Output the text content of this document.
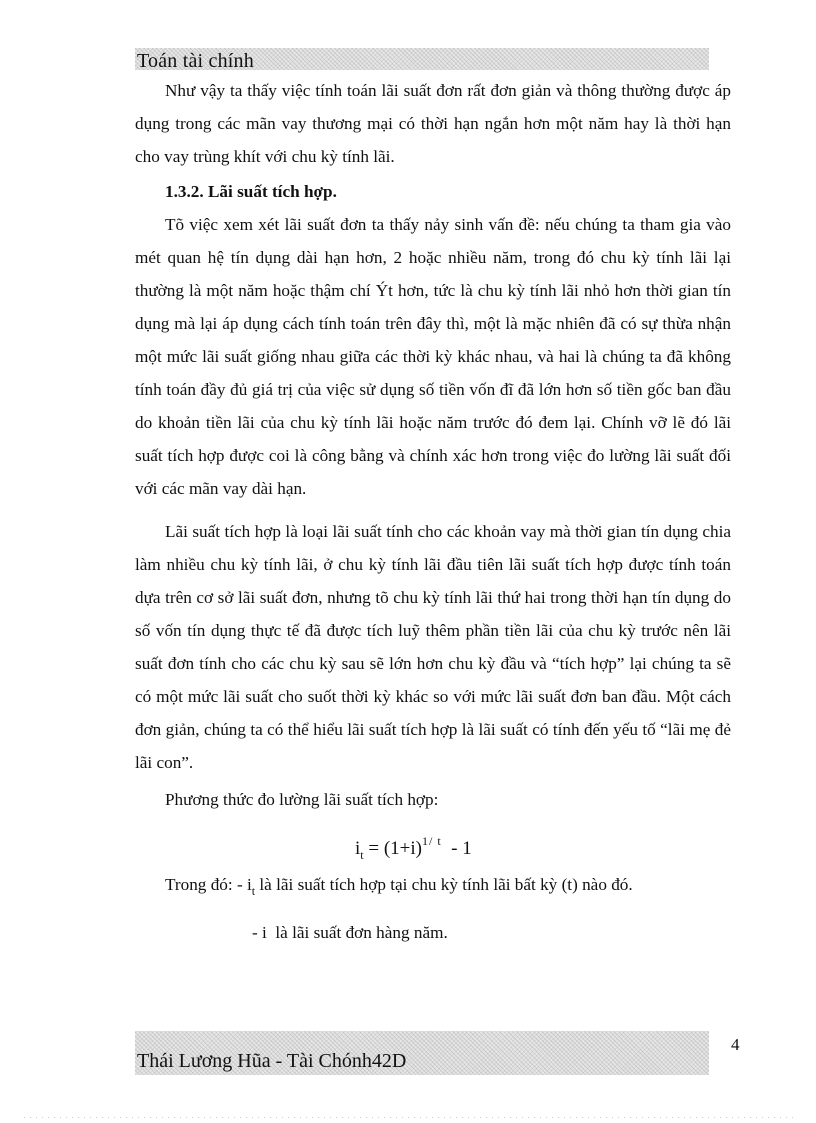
Toán tài chính

Như vậy ta thấy việc tính toán lãi suất đơn rất đơn giản và thông thường được áp dụng trong các mãn vay thương mại có thời hạn ngắn hơn một năm hay là thời hạn cho vay trùng khít với chu kỳ tính lãi.

1.3.2. Lãi suất tích hợp.

Tõ việc xem xét lãi suất đơn ta thấy nảy sinh vấn đề: nếu chúng ta tham gia vào mét quan hệ tín dụng dài hạn hơn, 2 hoặc nhiều năm, trong đó chu kỳ tính lãi lại thường là một năm hoặc thậm chí Ýt hơn, tức là chu kỳ tính lãi nhỏ hơn thời gian tín dụng mà lại áp dụng cách tính toán trên đây thì, một là mặc nhiên đã có sự thừa nhận một mức lãi suất giống nhau giữa các thời kỳ khác nhau, và hai là chúng ta đã không tính toán đầy đủ giá trị của việc sử dụng số tiền vốn đĩ đã lớn hơn số tiền gốc ban đầu do khoản tiền lãi của chu kỳ tính lãi hoặc năm trước đó đem lại. Chính vỡ lẽ đó lãi suất tích hợp được coi là công bằng và chính xác hơn trong việc đo lường lãi suất đối với các mãn vay dài hạn.

Lãi suất tích hợp là loại lãi suất tính cho các khoản vay mà thời gian tín dụng chia làm nhiều chu kỳ tính lãi, ở chu kỳ tính lãi đầu tiên lãi suất tích hợp được tính toán dựa trên cơ sở lãi suất đơn, nhưng tõ chu kỳ tính lãi thứ hai trong thời hạn tín dụng do số vốn tín dụng thực tế đã được tích luỹ thêm phần tiền lãi của chu kỳ trước nên lãi suất đơn tính cho các chu kỳ sau sẽ lớn hơn chu kỳ đầu và “tích hợp” lại chúng ta sẽ có một mức lãi suất cho suốt thời kỳ khác so với mức lãi suất đơn ban đầu. Một cách đơn giản, chúng ta có thể hiểu lãi suất tích hợp là lãi suất có tính đến yếu tố “lãi mẹ đẻ lãi con”.

Phương thức đo lường lãi suất tích hợp:
$i_t = (1+i)^{1/ t} - 1$
Trong đó: - $i_t$ là lãi suất tích hợp tại chu kỳ tính lãi bất kỳ (t) nào đó.
- i  là lãi suất đơn hàng năm.
4
Thái Lương Hũa - Tài Chónh42D
